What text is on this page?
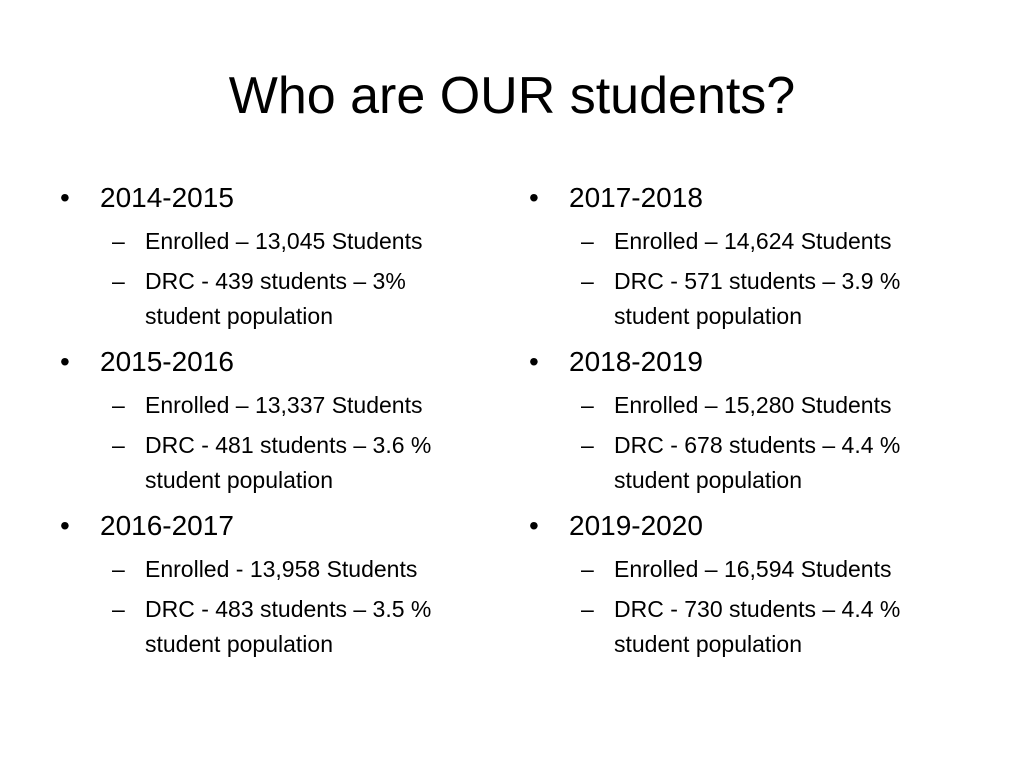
Who are OUR students?
• 2014-2015
– Enrolled – 13,045 Students
– DRC - 439 students – 3% student population
• 2015-2016
– Enrolled – 13,337 Students
– DRC - 481 students – 3.6 % student population
• 2016-2017
– Enrolled - 13,958 Students
– DRC - 483 students – 3.5 % student population
• 2017-2018
– Enrolled – 14,624 Students
– DRC - 571 students – 3.9 % student population
• 2018-2019
– Enrolled – 15,280 Students
– DRC - 678 students – 4.4 % student population
• 2019-2020
– Enrolled – 16,594 Students
– DRC - 730 students – 4.4 % student population
